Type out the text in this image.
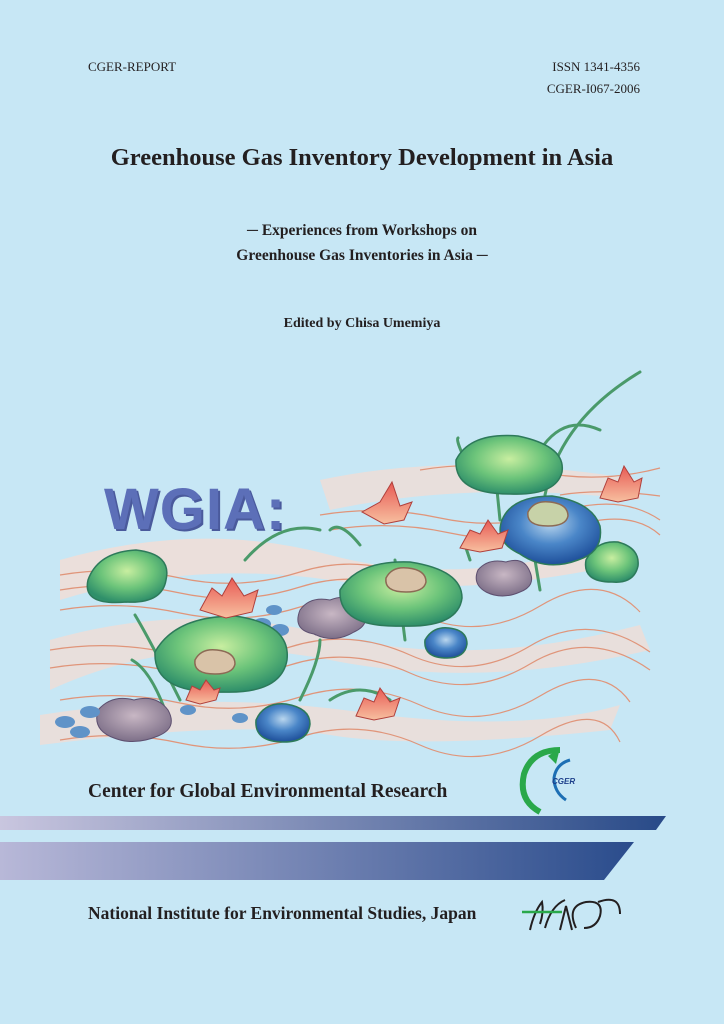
CGER-REPORT	ISSN 1341-4356
CGER-I067-2006
Greenhouse Gas Inventory Development in Asia
─ Experiences from Workshops on
Greenhouse Gas Inventories in Asia ─
Edited by Chisa Umemiya
WGIA:
CGER
Center for Global Environmental Research
National Institute for Environmental Studies, Japan
